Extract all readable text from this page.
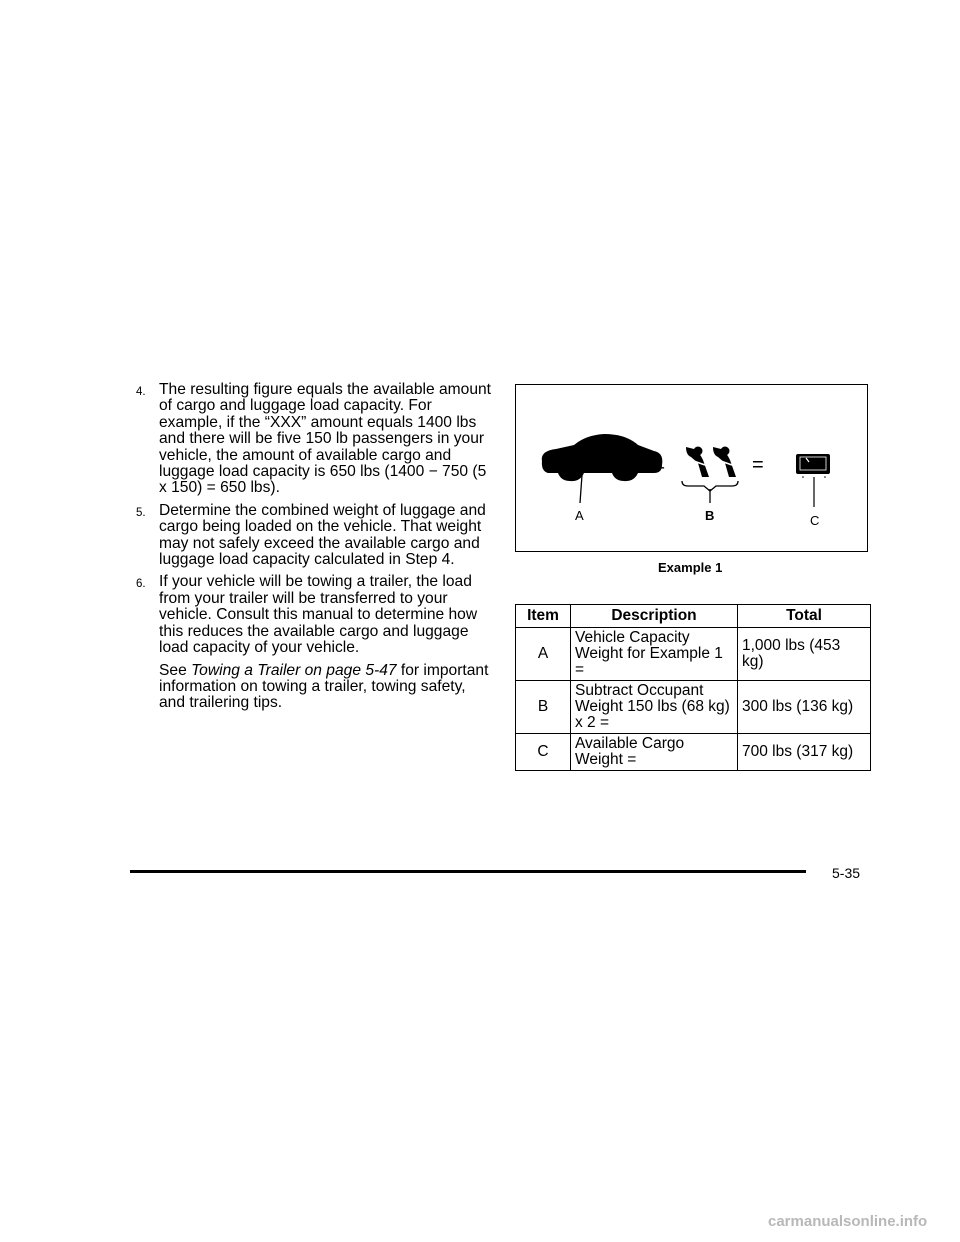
4. The resulting figure equals the available amount of cargo and luggage load capacity. For example, if the “XXX” amount equals 1400 lbs and there will be five 150 lb passengers in your vehicle, the amount of available cargo and luggage load capacity is 650 lbs (1400 − 750 (5 x 150) = 650 lbs).

5. Determine the combined weight of luggage and cargo being loaded on the vehicle. That weight may not safely exceed the available cargo and luggage load capacity calculated in Step 4.

6. If your vehicle will be towing a trailer, the load from your trailer will be transferred to your vehicle. Consult this manual to determine how this reduces the available cargo and luggage load capacity of your vehicle.

See Towing a Trailer on page 5-47 for important information on towing a trailer, towing safety, and trailering tips.

A
–
B
=
C
Example 1
Item	Description	Total
A	Vehicle Capacity Weight for Example 1 =	1,000 lbs (453 kg)
B	Subtract Occupant Weight 150 lbs (68 kg) x 2 =	300 lbs (136 kg)
C	Available Cargo Weight =	700 lbs (317 kg)
5-35
carmanualsonline.info
